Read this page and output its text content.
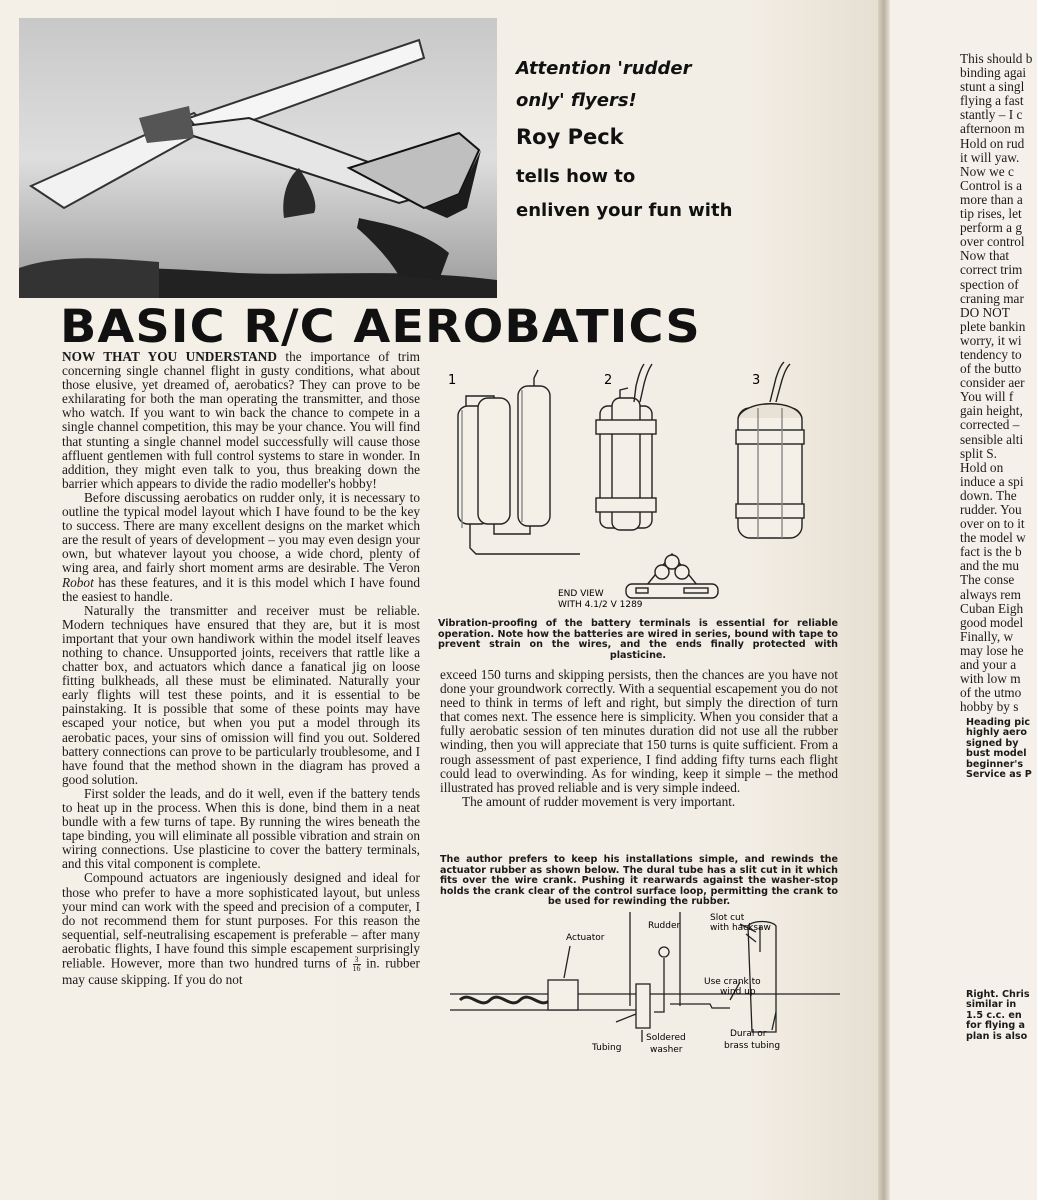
Attention 'rudder
only' flyers!
Roy Peck
tells how to
enliven your fun with
BASIC R/C AEROBATICS

NOW THAT YOU UNDERSTAND the importance of trim concerning single channel flight in gusty conditions, what about those elusive, yet dreamed of, aerobatics? They can prove to be exhilarating for both the man operating the transmitter, and those who watch. If you want to win back the chance to compete in a single channel competition, this may be your chance. You will find that stunting a single channel model successfully will cause those affluent gentlemen with full control systems to stare in wonder. In addition, they might even talk to you, thus breaking down the barrier which appears to divide the radio modeller's hobby!

Before discussing aerobatics on rudder only, it is necessary to outline the typical model layout which I have found to be the key to success. There are many excellent designs on the market which are the result of years of development – you may even design your own, but whatever layout you choose, a wide chord, plenty of wing area, and fairly short moment arms are desirable. The Veron Robot has these features, and it is this model which I have found the easiest to handle.

Naturally the transmitter and receiver must be reliable. Modern techniques have ensured that they are, but it is most important that your own handiwork within the model itself leaves nothing to chance. Unsupported joints, receivers that rattle like a chatter box, and actuators which dance a fanatical jig on loose fitting bulkheads, all these must be eliminated. Naturally your early flights will test these points, and it is essential to be painstaking. It is possible that some of these points may have escaped your notice, but when you put a model through its aerobatic paces, your sins of omission will find you out. Soldered battery connections can prove to be particularly troublesome, and I have found that the method shown in the diagram has proved a good solution.

First solder the leads, and do it well, even if the battery tends to heat up in the process. When this is done, bind them in a neat bundle with a few turns of tape. By running the wires beneath the tape binding, you will eliminate all possible vibration and strain on wiring connections. Use plasticine to cover the battery terminals, and this vital component is complete.

Compound actuators are ingeniously designed and ideal for those who prefer to have a more sophisticated layout, but unless your mind can work with the speed and precision of a computer, I do not recommend them for stunt purposes. For this reason the sequential, self-neutralising escapement is preferable – after many aerobatic flights, I have found this simple escapement surprisingly reliable. However, more than two hundred turns of $\frac{3}{16}$ in. rubber may cause skipping. If you do not

1	2	3
END VIEW
WITH 4.1/2 V 1289
Vibration-proofing of the battery terminals is essential for reliable operation. Note how the batteries are wired in series, bound with tape to prevent strain on the wires, and the ends finally protected with plasticine.

exceed 150 turns and skipping persists, then the chances are you have not done your groundwork correctly. With a sequential escapement you do not need to think in terms of left and right, but simply the direction of turn that comes next. The essence here is simplicity. When you consider that a fully aerobatic session of ten minutes duration did not use all the rubber winding, then you will appreciate that 150 turns is quite sufficient. From a rough assessment of past experience, I find adding fifty turns each flight could lead to overwinding. As for winding, keep it simple – the method illustrated has proved reliable and is very simple indeed.

The amount of rudder movement is very important.

The author prefers to keep his installations simple, and rewinds the actuator rubber as shown below. The dural tube has a slit cut in it which fits over the wire crank. Pushing it rearwards against the washer-stop holds the crank clear of the control surface loop, permitting the crank to be used for rewinding the rubber.
Rudder
Actuator
Slot cut
with hacksaw
Use crank to
wind up
Tubing
Soldered
washer
Dural or
brass tubing
This should b
binding agai
stunt a singl
flying a fast
stantly – I c
afternoon m
Hold on rud
it will yaw.
Now we c
Control is a
more than a
tip rises, let
perform a g
over control
Now that
correct trim
spection of
craning mar
DO NOT
plete bankin
worry, it wi
tendency to
of the butto
consider aer
You will f
gain height,
corrected –
sensible alti
split S.
Hold on
induce a spi
down. The
rudder. You
over on to it
the model w
fact is the b
and the mu
The conse
always rem
Cuban Eigh
good model
Finally, w
may lose he
and your a
with low m
of the utmo
hobby by s
Heading pic
highly aero
signed by
bust model
beginner's
Service as P
Right. Chris
similar in
1.5 c.c. en
for flying a
plan is also
